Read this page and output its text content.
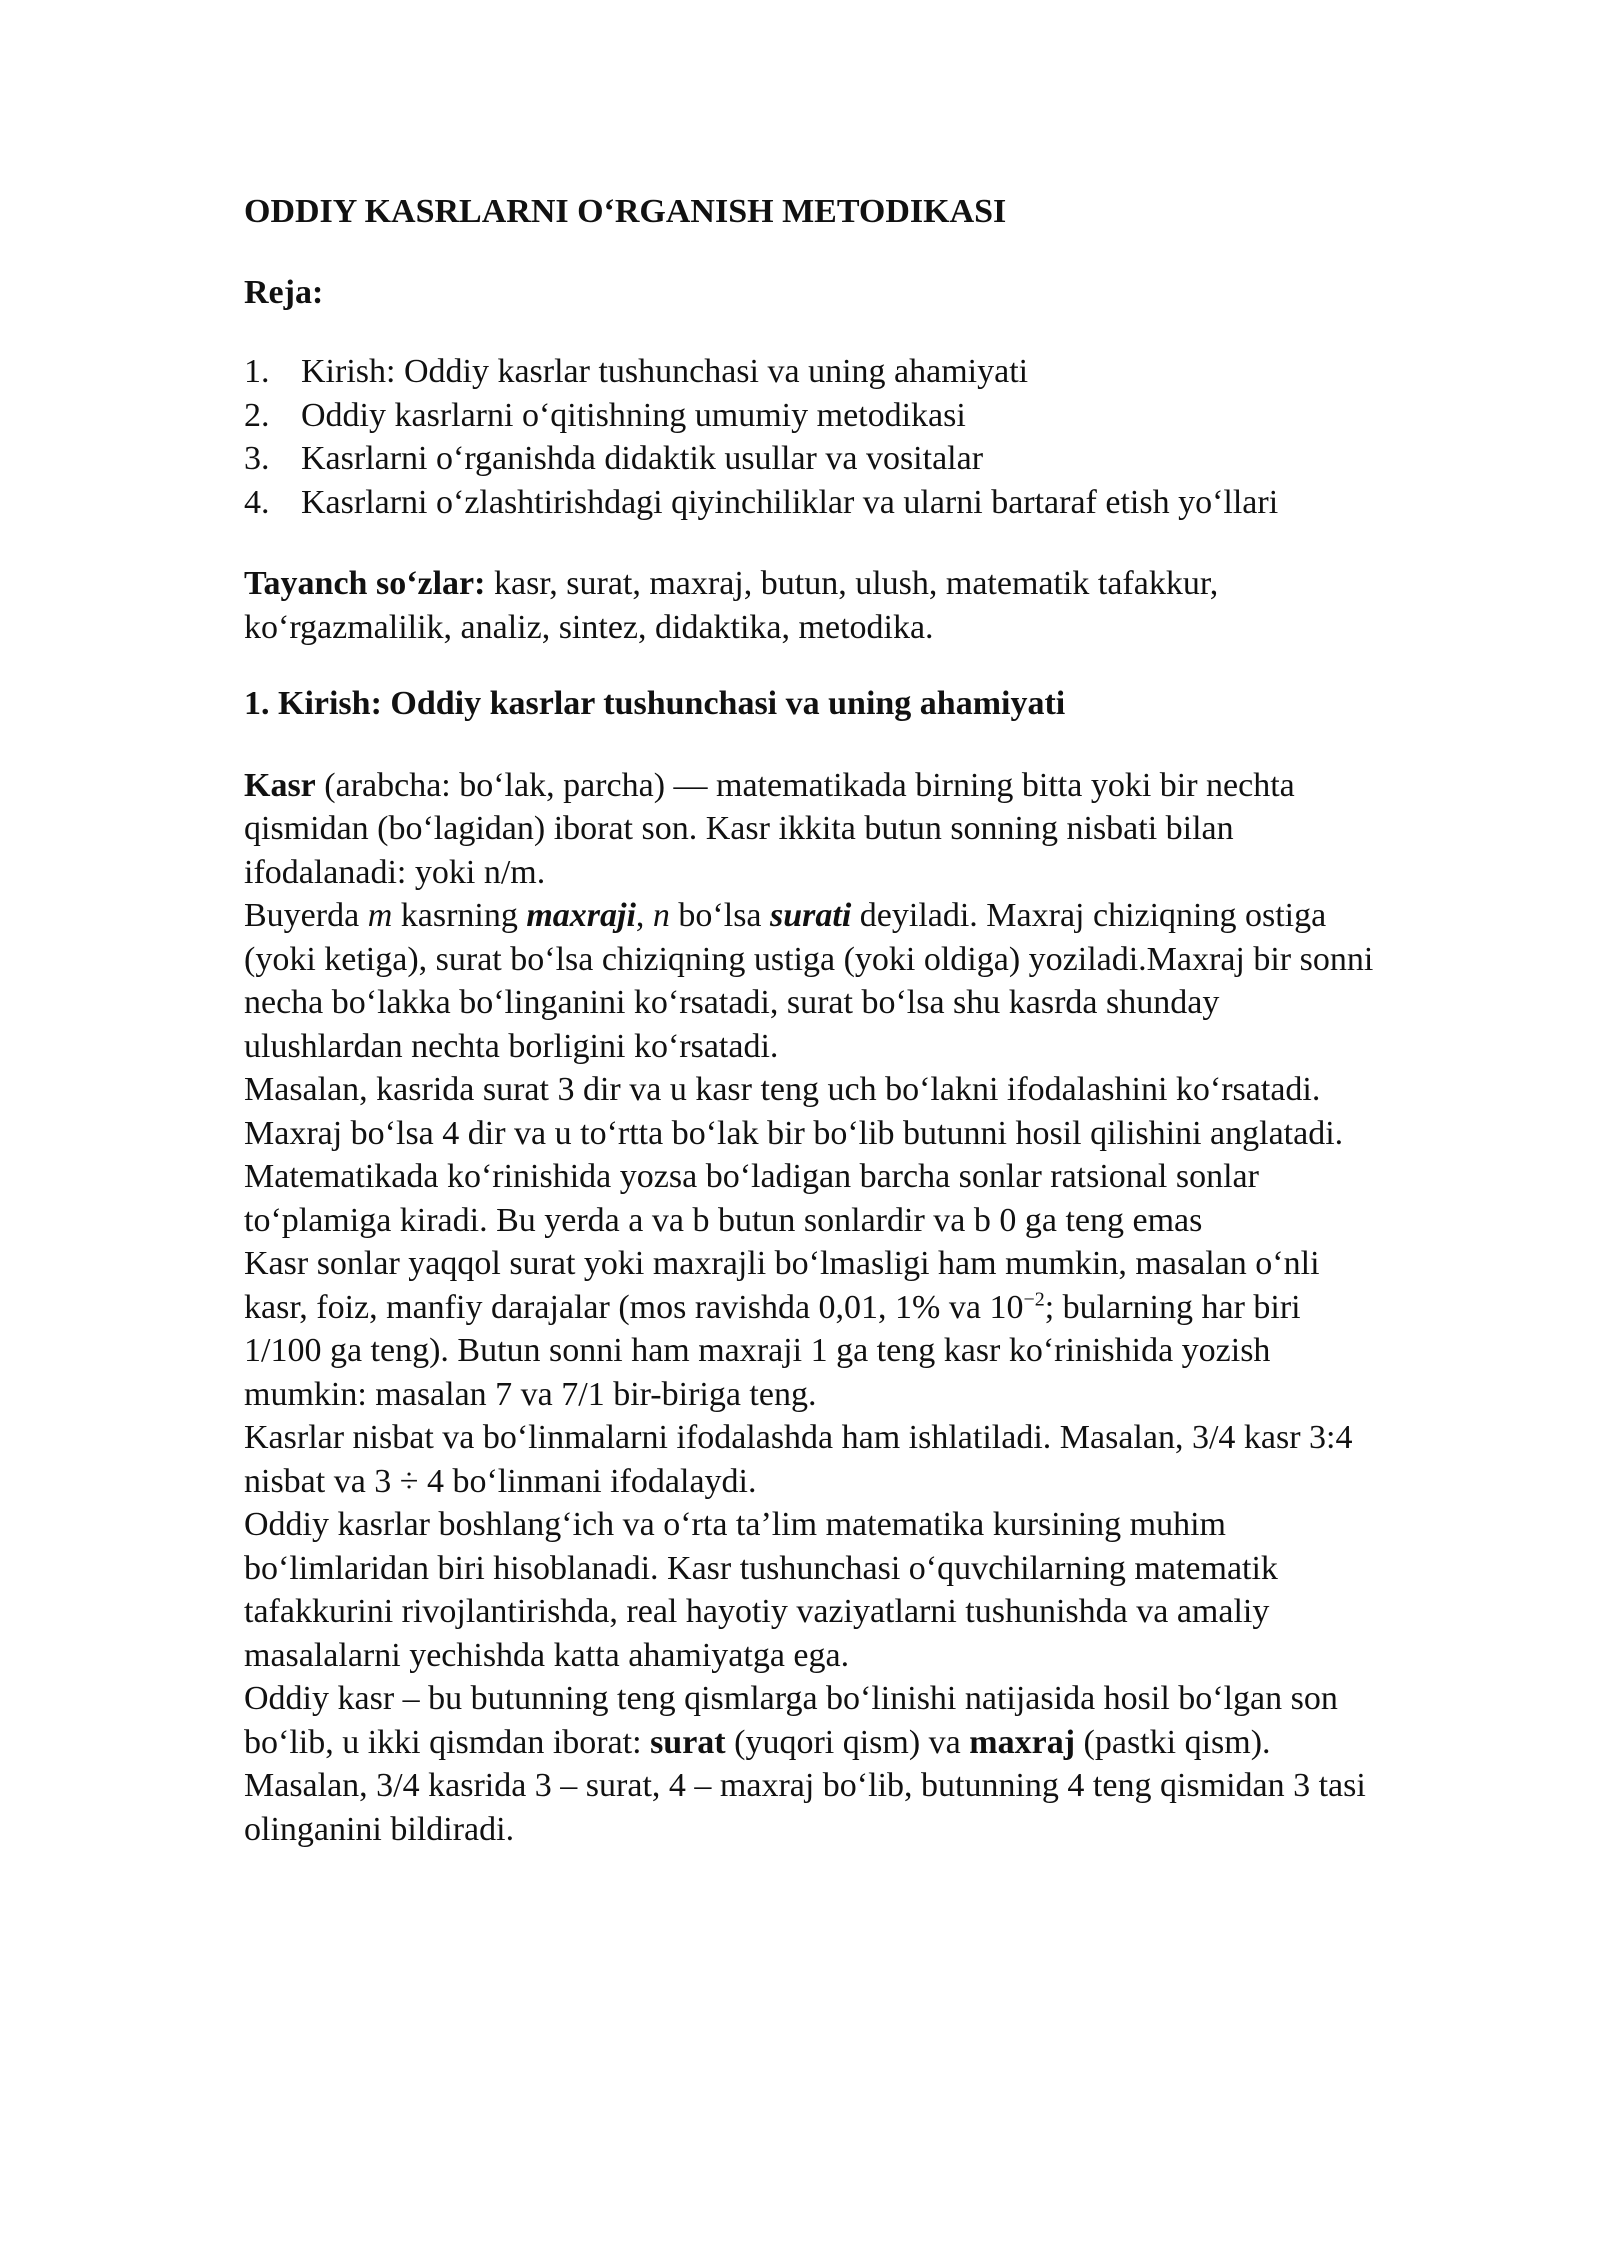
ODDIY KASRLARNI O‘RGANISH METODIKASI
Reja:
1. Kirish: Oddiy kasrlar tushunchasi va uning ahamiyati
2. Oddiy kasrlarni o‘qitishning umumiy metodikasi
3. Kasrlarni o‘rganishda didaktik usullar va vositalar
4. Kasrlarni o‘zlashtirishdagi qiyinchiliklar va ularni bartaraf etish yo‘llari

Tayanch so‘zlar: kasr, surat, maxraj, butun, ulush, matematik tafakkur, ko‘rgazmalilik, analiz, sintez, didaktika, metodika.

1. Kirish: Oddiy kasrlar tushunchasi va uning ahamiyati

Kasr (arabcha: bo‘lak, parcha) — matematikada birning bitta yoki bir nechta qismidan (bo‘lagidan) iborat son. Kasr ikkita butun sonning nisbati bilan ifodalanadi: yoki n/m.

Buyerda m kasrning maxraji, n bo‘lsa surati deyiladi. Maxraj chiziqning ostiga (yoki ketiga), surat bo‘lsa chiziqning ustiga (yoki oldiga) yoziladi.Maxraj bir sonni necha bo‘lakka bo‘linganini ko‘rsatadi, surat bo‘lsa shu kasrda shunday ulushlardan nechta borligini ko‘rsatadi.

Masalan, kasrida surat 3 dir va u kasr teng uch bo‘lakni ifodalashini ko‘rsatadi. Maxraj bo‘lsa 4 dir va u to‘rtta bo‘lak bir bo‘lib butunni hosil qilishini anglatadi.

Matematikada ko‘rinishida yozsa bo‘ladigan barcha sonlar ratsional sonlar to‘plamiga kiradi. Bu yerda a va b butun sonlardir va b 0 ga teng emas

Kasr sonlar yaqqol surat yoki maxrajli bo‘lmasligi ham mumkin, masalan o‘nli kasr, foiz, manfiy darajalar (mos ravishda 0,01, 1% va $10^{-2}$; bularning har biri 1/100 ga teng). Butun sonni ham maxraji 1 ga teng kasr ko‘rinishida yozish mumkin: masalan 7 va 7/1 bir-biriga teng.

Kasrlar nisbat va bo‘linmalarni ifodalashda ham ishlatiladi. Masalan, 3/4 kasr 3:4 nisbat va 3 ÷ 4 bo‘linmani ifodalaydi.

Oddiy kasrlar boshlang‘ich va o‘rta ta’lim matematika kursining muhim bo‘limlaridan biri hisoblanadi. Kasr tushunchasi o‘quvchilarning matematik tafakkurini rivojlantirishda, real hayotiy vaziyatlarni tushunishda va amaliy masalalarni yechishda katta ahamiyatga ega.

Oddiy kasr – bu butunning teng qismlarga bo‘linishi natijasida hosil bo‘lgan son bo‘lib, u ikki qismdan iborat: surat (yuqori qism) va maxraj (pastki qism). Masalan, 3/4 kasrida 3 – surat, 4 – maxraj bo‘lib, butunning 4 teng qismidan 3 tasi olinganini bildiradi.
